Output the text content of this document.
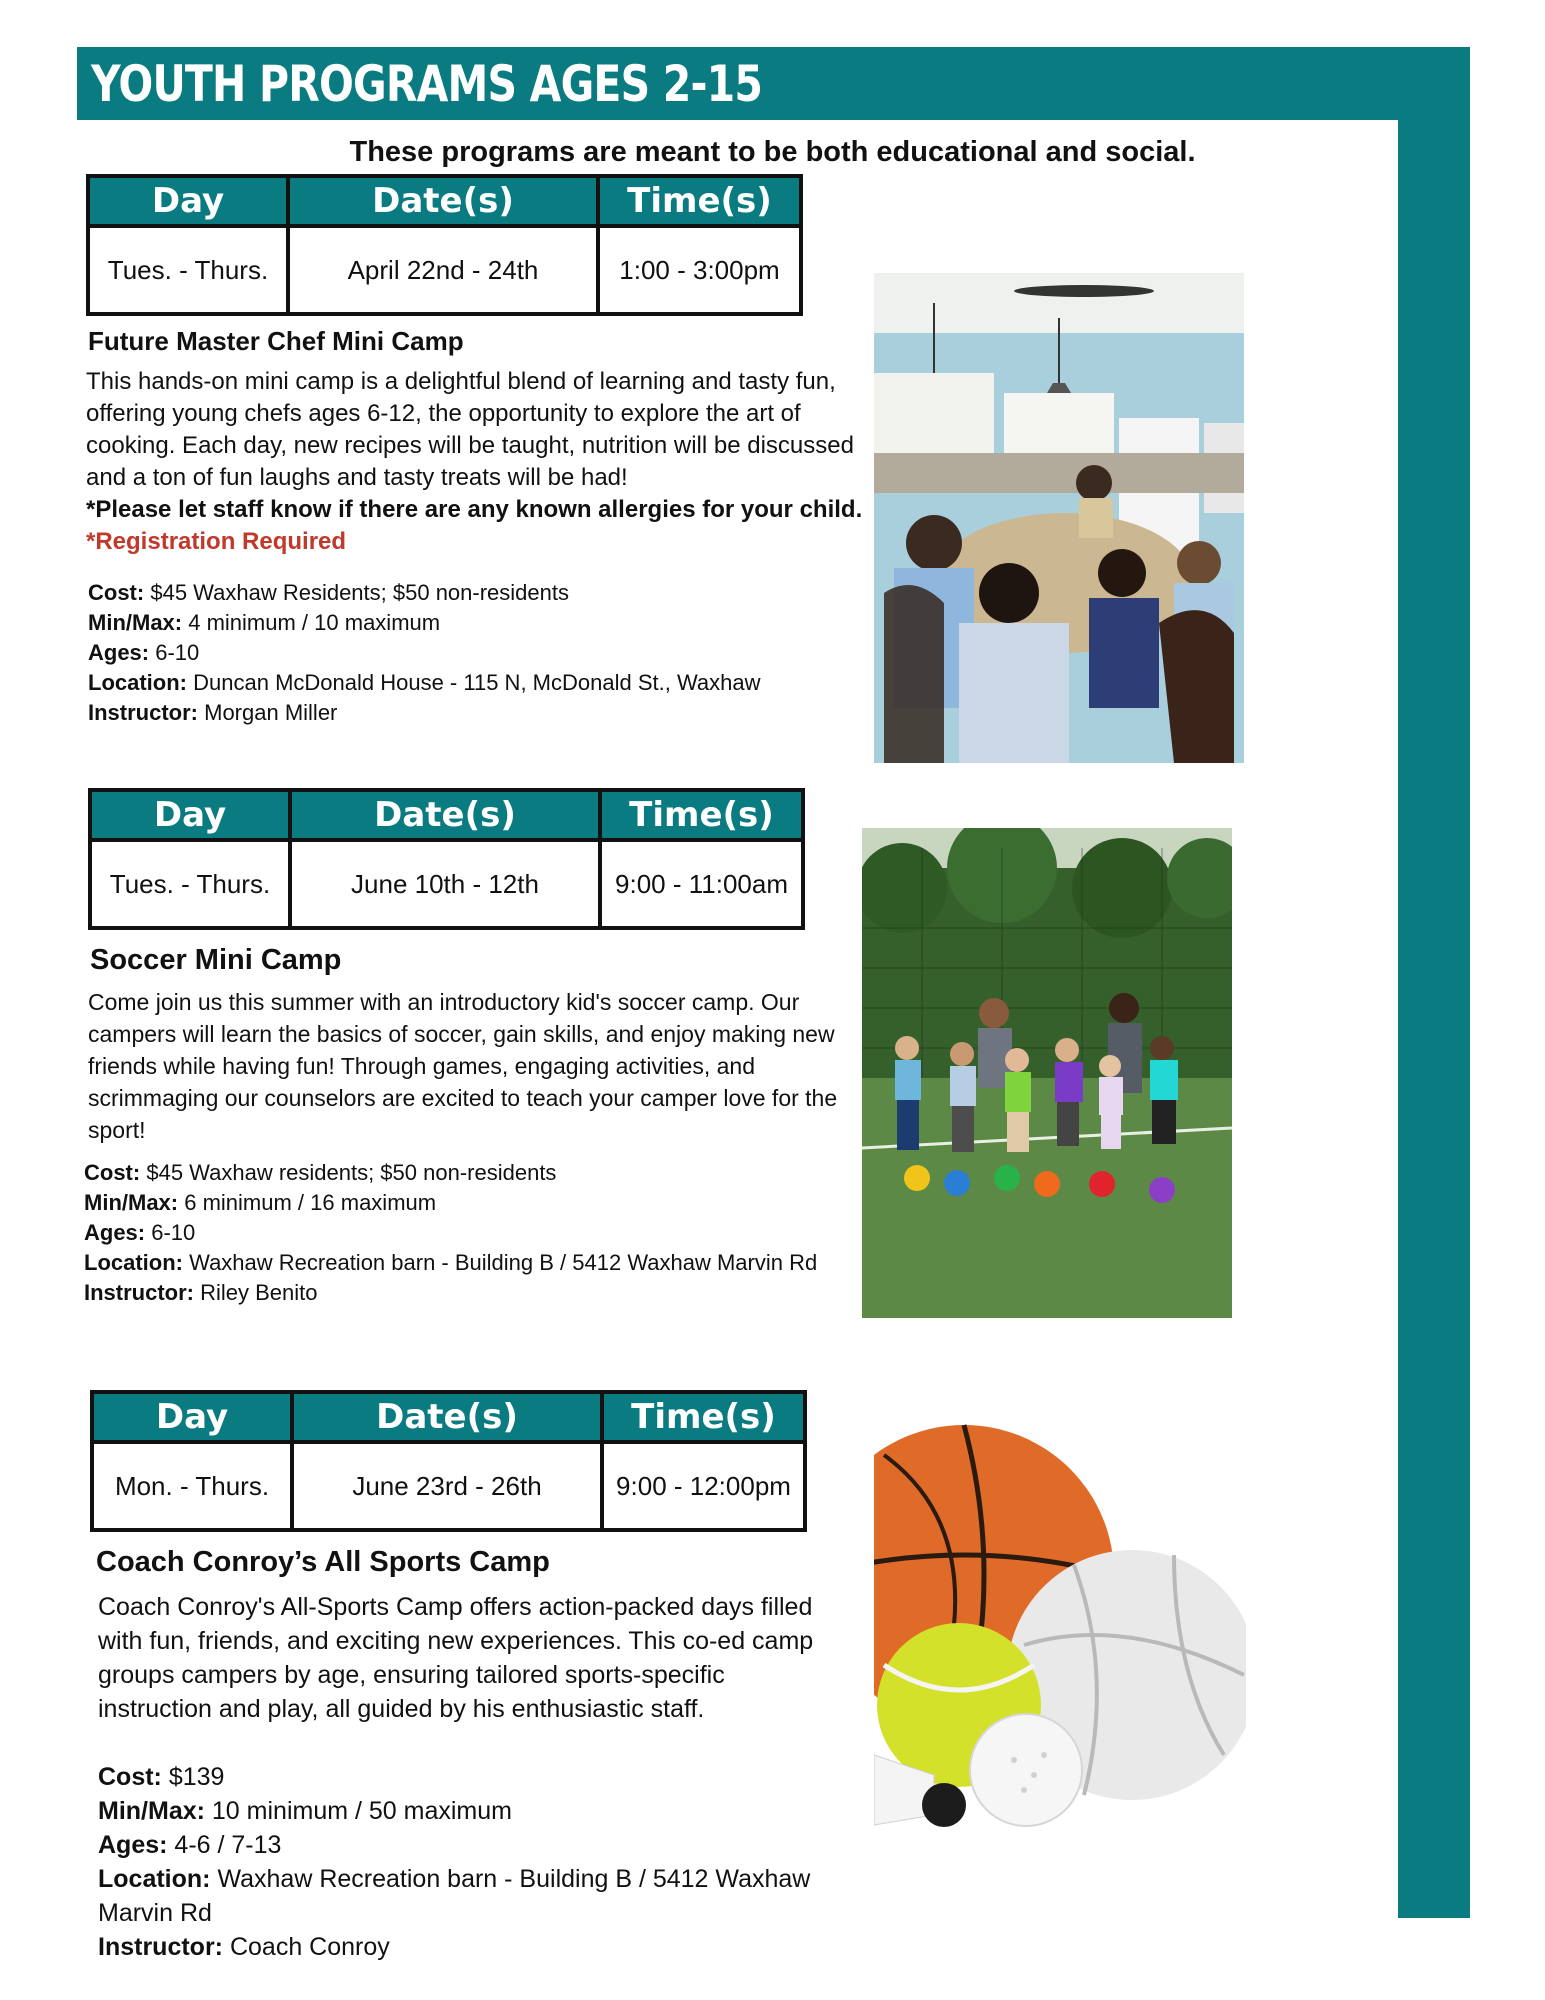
YOUTH PROGRAMS AGES 2-15
These programs are meant to be both educational and social.
Day	Date(s)	Time(s)
Tues. - Thurs.	April 22nd - 24th	1:00 - 3:00pm
Future Master Chef Mini Camp

This hands-on mini camp is a delightful blend of learning and tasty fun, offering young chefs ages 6-12, the opportunity to explore the art of cooking. Each day, new recipes will be taught, nutrition will be discussed and a ton of fun laughs and tasty treats will be had!

*Please let staff know if there are any known allergies for your child.

*Registration Required

Cost: $45 Waxhaw Residents; $50 non-residents
Min/Max: 4 minimum / 10 maximum
Ages: 6-10
Location: Duncan McDonald House - 115 N, McDonald St., Waxhaw
Instructor: Morgan Miller
Day	Date(s)	Time(s)
Tues. - Thurs.	June 10th - 12th	9:00 - 11:00am
Soccer Mini Camp

Come join us this summer with an introductory kid's soccer camp. Our campers will learn the basics of soccer, gain skills, and enjoy making new friends while having fun! Through games, engaging activities, and scrimmaging our counselors are excited to teach your camper love for the sport!

Cost: $45 Waxhaw residents; $50 non-residents
Min/Max: 6 minimum / 16 maximum
Ages: 6-10
Location: Waxhaw Recreation barn - Building B / 5412 Waxhaw Marvin Rd
Instructor: Riley Benito
Day	Date(s)	Time(s)
Mon. - Thurs.	June 23rd - 26th	9:00 - 12:00pm
Coach Conroy’s All Sports Camp

Coach Conroy's All-Sports Camp offers action-packed days filled with fun, friends, and exciting new experiences. This co-ed camp groups campers by age, ensuring tailored sports-specific instruction and play, all guided by his enthusiastic staff.

Cost: $139
Min/Max: 10 minimum / 50 maximum
Ages: 4-6 / 7-13
Location: Waxhaw Recreation barn - Building B / 5412 Waxhaw Marvin Rd
Instructor: Coach Conroy
